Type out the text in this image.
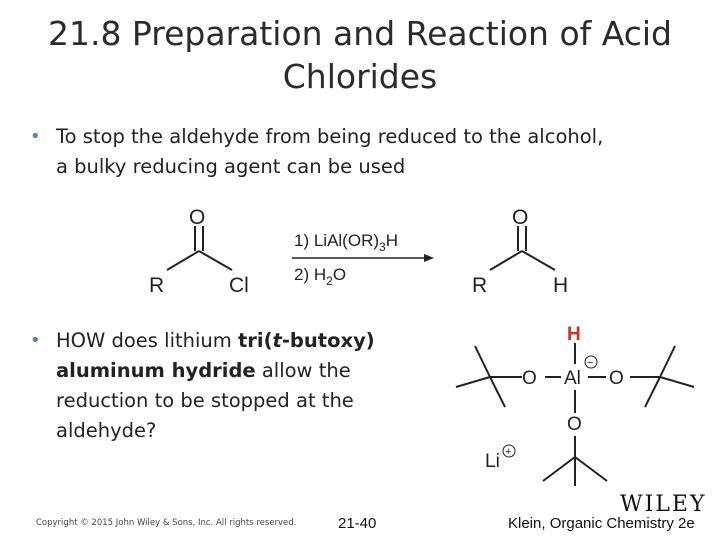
21.8 Preparation and Reaction of Acid
Chlorides
• To stop the aldehyde from being reduced to the alcohol,
a bulky reducing agent can be used
O
R	Cl
1) $LiAl(OR)_3H$
2) $H_2O$
O
R	H
H
Al
O	O
O
−
Li +
• HOW does lithium tri(t-butoxy)
aluminum hydride allow the
reduction to be stopped at the
aldehyde?
Copyright © 2015 John Wiley & Sons, Inc. All rights reserved.	21-40
WILEY
Klein, Organic Chemistry 2e
